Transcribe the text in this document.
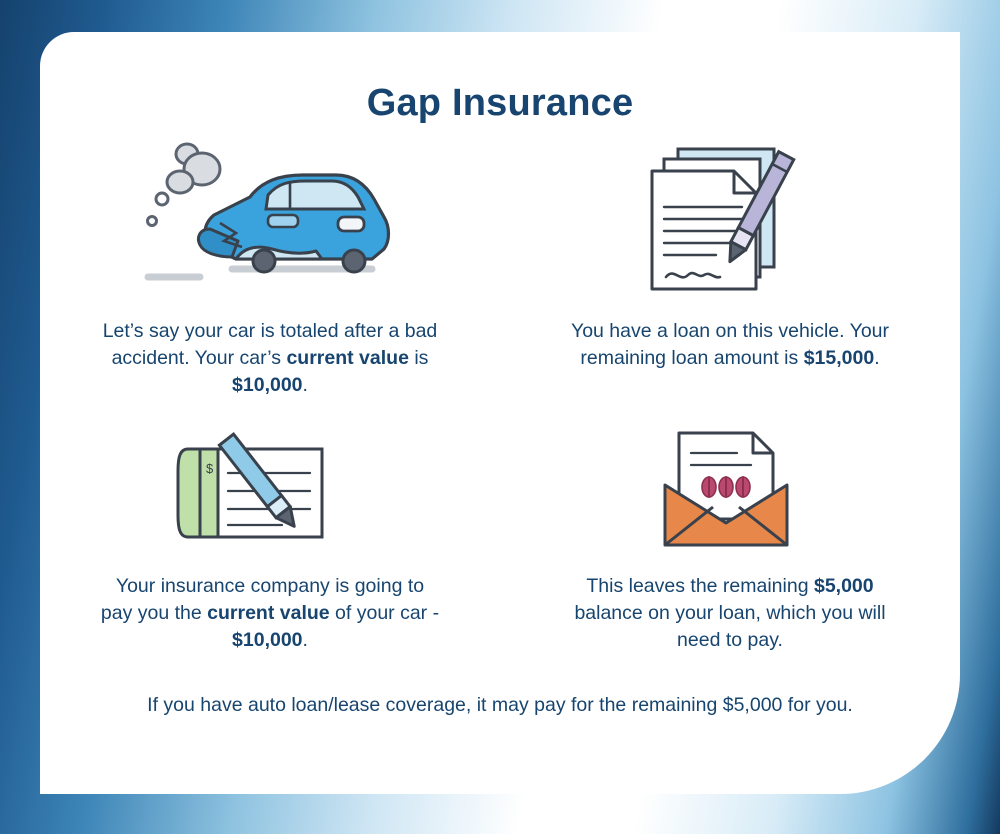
Gap Insurance
Let’s say your car is totaled after a bad accident. Your car’s current value is $10,000.
You have a loan on this vehicle. Your remaining loan amount is $15,000.
$
Your insurance company is going to pay you the current value of your car - $10,000.
This leaves the remaining $5,000 balance on your loan, which you will need to pay.
If you have auto loan/lease coverage, it may pay for the remaining $5,000 for you.
